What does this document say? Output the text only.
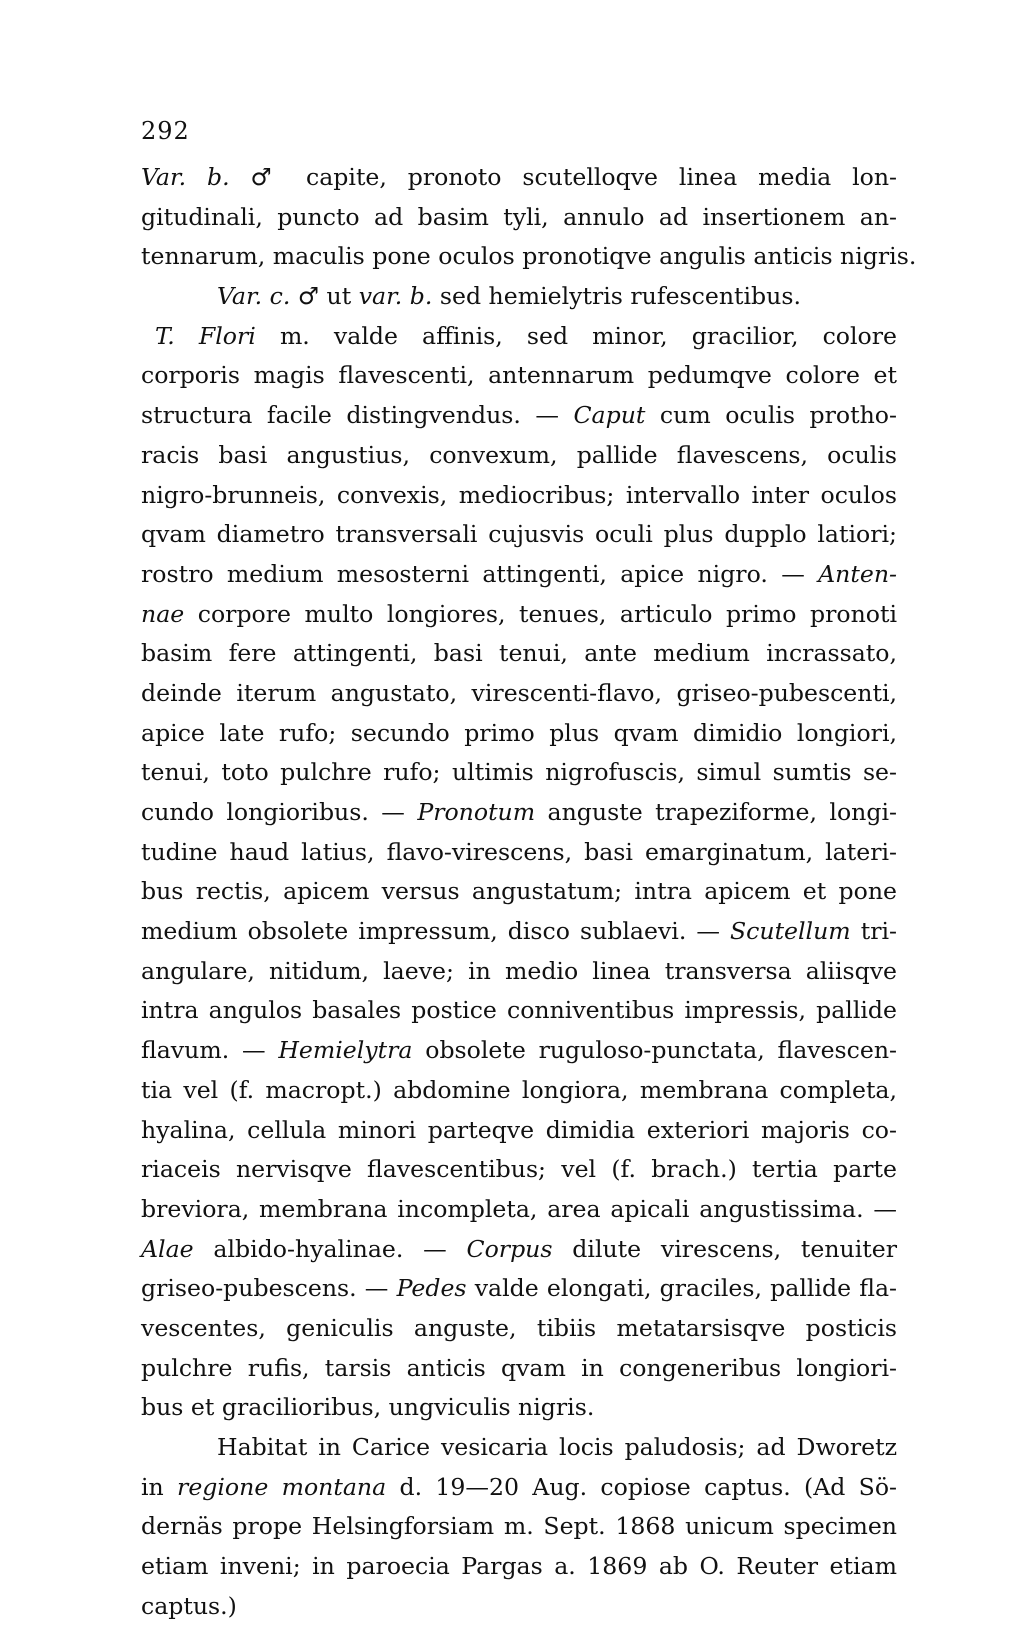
292
Var. b. ♂ capite, pronoto scutelloqve linea media lon-
gitudinali, puncto ad basim tyli, annulo ad insertionem an-
tennarum, maculis pone oculos pronotiqve angulis anticis nigris.
Var. c. ♂ ut var. b. sed hemielytris rufescentibus.
T. Flori m. valde affinis, sed minor, gracilior, colore
corporis magis flavescenti, antennarum pedumqve colore et
structura facile distingvendus. — Caput cum oculis protho-
racis basi angustius, convexum, pallide flavescens, oculis
nigro-brunneis, convexis, mediocribus; intervallo inter oculos
qvam diametro transversali cujusvis oculi plus dupplo latiori;
rostro medium mesosterni attingenti, apice nigro. — Anten-
nae corpore multo longiores, tenues, articulo primo pronoti
basim fere attingenti, basi tenui, ante medium incrassato,
deinde iterum angustato, virescenti-flavo, griseo-pubescenti,
apice late rufo; secundo primo plus qvam dimidio longiori,
tenui, toto pulchre rufo; ultimis nigrofuscis, simul sumtis se-
cundo longioribus. — Pronotum anguste trapeziforme, longi-
tudine haud latius, flavo-virescens, basi emarginatum, lateri-
bus rectis, apicem versus angustatum; intra apicem et pone
medium obsolete impressum, disco sublaevi. — Scutellum tri-
angulare, nitidum, laeve; in medio linea transversa aliisqve
intra angulos basales postice conniventibus impressis, pallide
flavum. — Hemielytra obsolete ruguloso-punctata, flavescen-
tia vel (f. macropt.) abdomine longiora, membrana completa,
hyalina, cellula minori parteqve dimidia exteriori majoris co-
riaceis nervisqve flavescentibus; vel (f. brach.) tertia parte
breviora, membrana incompleta, area apicali angustissima. —
Alae albido-hyalinae. — Corpus dilute virescens, tenuiter
griseo-pubescens. — Pedes valde elongati, graciles, pallide fla-
vescentes, geniculis anguste, tibiis metatarsisqve posticis
pulchre rufis, tarsis anticis qvam in congeneribus longiori-
bus et gracilioribus, ungviculis nigris.
Habitat in Carice vesicaria locis paludosis; ad Dworetz
in regione montana d. 19—20 Aug. copiose captus. (Ad Sö-
dernäs prope Helsingforsiam m. Sept. 1868 unicum specimen
etiam inveni; in paroecia Pargas a. 1869 ab O. Reuter etiam
captus.)
